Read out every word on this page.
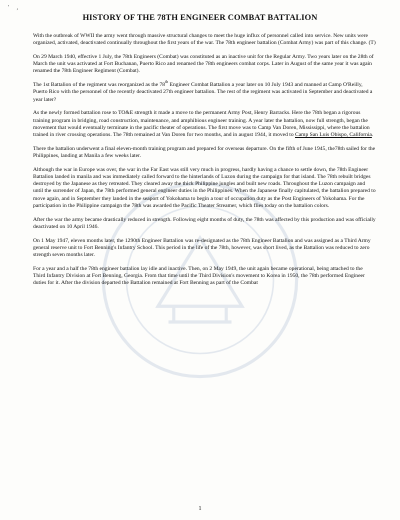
' ,
HISTORY OF THE 78TH ENGINEER COMBAT BATTALION

With the outbreak of WWII the army went through massive structural changes to meet the huge influx of personnel called into service. New units were organized, activated, deactivated continually throughout the first years of the war. The 78th engineer battalion (Combat Army) was part of this change. (T)

On 29 March 1940, effective 1 July, the 78th Engineers (Combat) was constituted as an inactive unit for the Regular Army. Two years later on the 28th of March the unit was activated at Fort Buchanan, Puerto Rico and renamed the 78th engineers combat corps. Later in August of the same year it was again renamed the 78th Engineer Regiment (Combat).

The 1st Battalion of the regiment was reorganized as the 78th Engineer Combat Battalion a year later on 10 July 1943 and manned at Camp O'Reilly, Puerto Rico with the personnel of the recently deactivated 27th engineer battalion. The rest of the regiment was activated in September and deactivated a year later?

As the newly formed battalion rose to TO&E strength it made a move to the permanent Army Post, Henry Barracks. Here the 78th began a rigorous training program in bridging, road construction, maintenance, and amphibious engineer training. A year later the battalion, now full strength, began the movement that would eventually terminate in the pacific theater of operations. The first move was to Camp Van Doren, Mississippi, where the battalion trained in river crossing operations. The 78th remained at Van Doren for two months, and in august 1944, it moved to Camp San Luis Obispo, California.

There the battalion underwent a final eleven-month training program and prepared for overseas departure. On the fifth of June 1945, the78th sailed for the Philippines, landing at Manila a few weeks later.

Although the war in Europe was over, the war in the Far East was still very much in progress, hardly having a chance to settle down, the 78th Engineer Battalion landed in manila and was immediately called forward to the hinterlands of Luzon during the campaign for that island. The 78th rebuilt bridges destroyed by the Japanese as they retreated. They cleared away the thick Philippine jungles and built new roads. Throughout the Luzon campaign and until the surrender of Japan, the 78th performed general engineer duties in the Philippines. When the Japanese finally capitulated, the battalion prepared to move again, and in September they landed in the seaport of Yokohama to begin a tour of occupation duty as the Post Engineers of Yokohama. For the participation in the Philippine campaign the 78th was awarded the Pacific Theater Streamer, which flies today on the battalion colors.

After the war the army became drastically reduced in strength. Following eight months of duty, the 78th was affected by this production and was officially deactivated on 10 April 1946.

On 1 May 1947, eleven months later, the 1290th Engineer Battalion was re-designated as the 78th Engineer Battalion and was assigned as a Third Army general reserve unit to Fort Benning's Infantry School. This period in the life of the 78th, however, was short lived, as the Battalion was reduced to zero strength seven months later.

For a year and a half the 78th engineer battalion lay idle and inactive. Then, on 2 May 1949, the unit again became operational, being attached to the Third Infantry Division at Fort Benning, Georgia. From that time until the Third Division's movement to Korea in 1950, the 78th performed Engineer duties for it. After the division departed the Battalion remained at Fort Benning as part of the Combat

1
